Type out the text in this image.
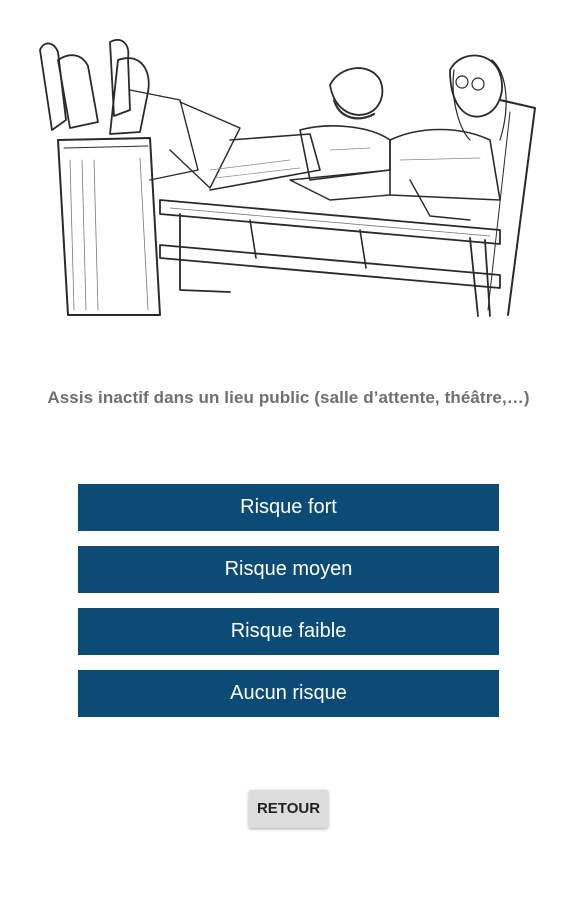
Assis inactif dans un lieu public (salle d’attente, théâtre,…)
Risque fort
Risque moyen
Risque faible
Aucun risque
RETOUR
